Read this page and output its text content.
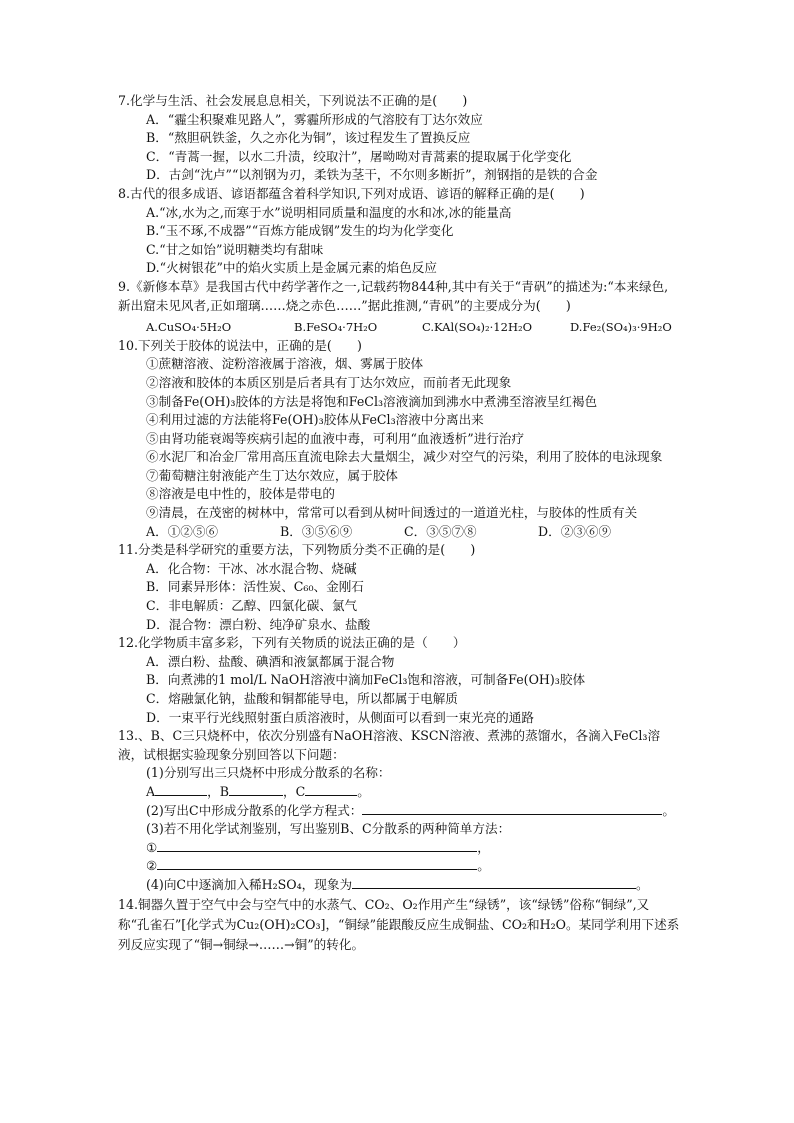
7.化学与生活、社会发展息息相关，下列说法不正确的是(　　)
A．“霾尘积聚难见路人”，雾霾所形成的气溶胶有丁达尔效应
B．“熬胆矾铁釜，久之亦化为铜”，该过程发生了置换反应
C．“青蒿一握，以水二升渍，绞取汁”，屠呦呦对青蒿素的提取属于化学变化
D．古剑“沈卢”“以剂钢为刃，柔铁为茎干，不尔则多断折”，剂钢指的是铁的合金
8.古代的很多成语、谚语都蕴含着科学知识,下列对成语、谚语的解释正确的是(　　)
A.“冰,水为之,而寒于水”说明相同质量和温度的水和冰,冰的能量高
B.“玉不琢,不成器”“百炼方能成钢”发生的均为化学变化
C.“甘之如饴”说明糖类均有甜味
D.“火树银花”中的焰火实质上是金属元素的焰色反应
9.《新修本草》是我国古代中药学著作之一,记载药物844种,其中有关于“青矾”的描述为:“本来绿色,新出窟未见风者,正如瑠璃……烧之赤色……”据此推测,“青矾”的主要成分为(　　)
A.CuSO₄·5H₂O	B.FeSO₄·7H₂O	C.KAl(SO₄)₂·12H₂O	D.Fe₂(SO₄)₃·9H₂O
10.下列关于胶体的说法中，正确的是(　　)
①蔗糖溶液、淀粉溶液属于溶液，烟、雾属于胶体
②溶液和胶体的本质区别是后者具有丁达尔效应，而前者无此现象
③制备Fe(OH)₃胶体的方法是将饱和FeCl₃溶液滴加到沸水中煮沸至溶液呈红褐色
④利用过滤的方法能将Fe(OH)₃胶体从FeCl₃溶液中分离出来
⑤由肾功能衰竭等疾病引起的血液中毒，可利用“血液透析”进行治疗
⑥水泥厂和冶金厂常用高压直流电除去大量烟尘，减少对空气的污染，利用了胶体的电泳现象
⑦葡萄糖注射液能产生丁达尔效应，属于胶体
⑧溶液是电中性的，胶体是带电的
⑨清晨，在茂密的树林中，常常可以看到从树叶间透过的一道道光柱，与胶体的性质有关
A．①②⑤⑥	B．③⑤⑥⑨	C．③⑤⑦⑧	D．②③⑥⑨
11.分类是科学研究的重要方法，下列物质分类不正确的是(　　)
A．化合物：干冰、冰水混合物、烧碱
B．同素异形体：活性炭、C₆₀、金刚石
C．非电解质：乙醇、四氯化碳、氯气
D．混合物：漂白粉、纯净矿泉水、盐酸
12.化学物质丰富多彩，下列有关物质的说法正确的是（　　）
A．漂白粉、盐酸、碘酒和液氯都属于混合物
B．向煮沸的1 mol/L NaOH溶液中滴加FeCl₃饱和溶液，可制备Fe(OH)₃胶体
C．熔融氯化钠，盐酸和铜都能导电，所以都属于电解质
D．一束平行光线照射蛋白质溶液时，从侧面可以看到一束光亮的通路
13.、B、C三只烧杯中，依次分别盛有NaOH溶液、KSCN溶液、煮沸的蒸馏水，各滴入FeCl₃溶液，试根据实验现象分别回答以下问题：
(1)分别写出三只烧杯中形成分散系的名称：
A	，B	，C	。
(2)写出C中形成分散系的化学方程式：	。
(3)若不用化学试剂鉴别，写出鉴别B、C分散系的两种简单方法：
①	，
②	。
(4)向C中逐滴加入稀H₂SO₄，现象为	。
14.铜器久置于空气中会与空气中的水蒸气、CO₂、O₂作用产生“绿锈”，该“绿锈”俗称“铜绿”,又称“孔雀石”[化学式为Cu₂(OH)₂CO₃]，“铜绿”能跟酸反应生成铜盐、CO₂和H₂O。某同学利用下述系列反应实现了“铜→铜绿→……→铜”的转化。
